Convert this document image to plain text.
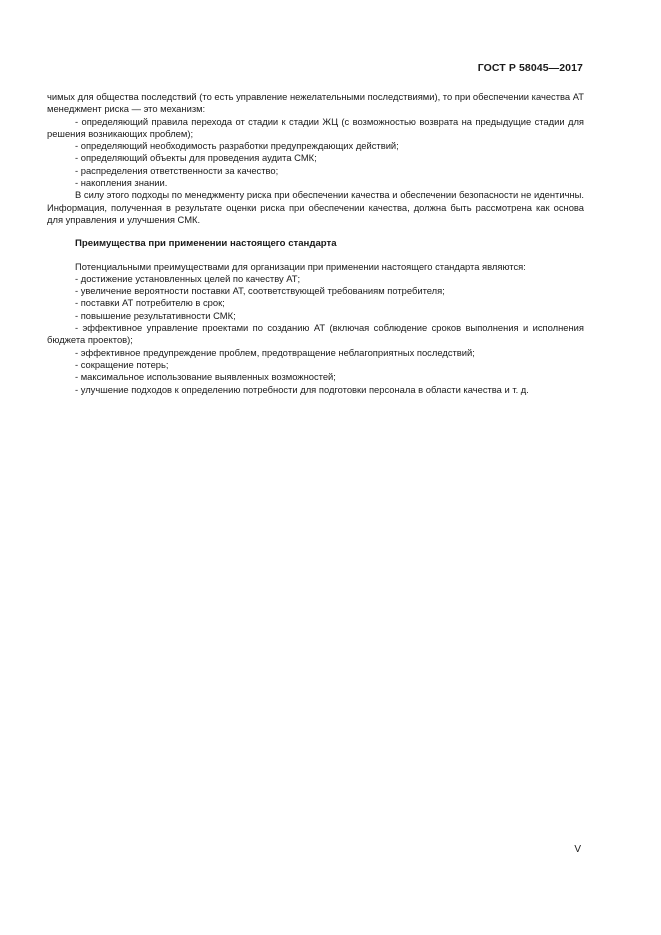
ГОСТ Р 58045—2017

чимых для общества последствий (то есть управление нежелательными последствиями), то при обеспечении качества АТ менеджмент риска — это механизм:

- определяющий правила перехода от стадии к стадии ЖЦ (с возможностью возврата на предыдущие стадии для решения возникающих проблем);

- определяющий необходимость разработки предупреждающих действий;

- определяющий объекты для проведения аудита СМК;

- распределения ответственности за качество;

- накопления знании.

В силу этого подходы по менеджменту риска при обеспечении качества и обеспечении безопасности не идентичны. Информация, полученная в результате оценки риска при обеспечении качества, должна быть рассмотрена как основа для управления и улучшения СМК.

Преимущества при применении настоящего стандарта

Потенциальными преимуществами для организации при применении настоящего стандарта являются:

- достижение установленных целей по качеству АТ;

- увеличение вероятности поставки АТ, соответствующей требованиям потребителя;

- поставки АТ потребителю в срок;

- повышение результативности СМК;

- эффективное управление проектами по созданию АТ (включая соблюдение сроков выполнения и исполнения бюджета проектов);

- эффективное предупреждение проблем, предотвращение неблагоприятных последствий;

- сокращение потерь;

- максимальное использование выявленных возможностей;

- улучшение подходов к определению потребности для подготовки персонала в области качества и т. д.

V
